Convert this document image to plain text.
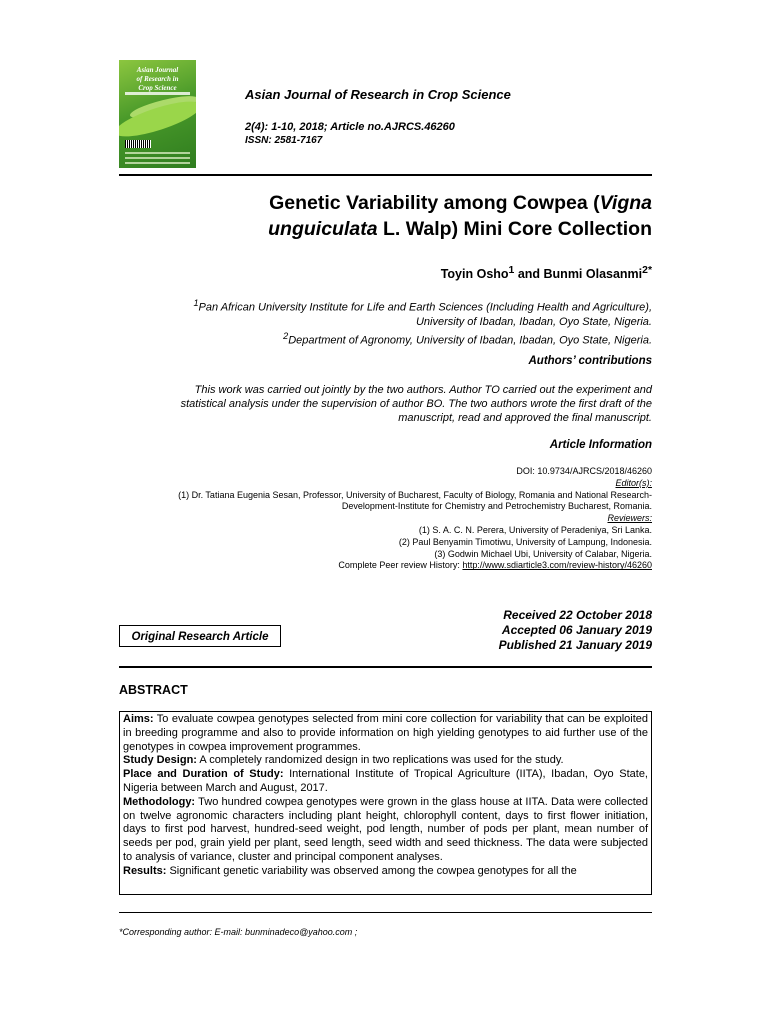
Asian Journal
of Research in
Crop Science	Asian Journal of Research in Crop Science
2(4): 1-10, 2018; Article no.AJRCS.46260
ISSN: 2581-7167
Genetic Variability among Cowpea (Vigna
unguiculata L. Walp) Mini Core Collection
Toyin Osho$^1$ and Bunmi Olasanmi$^{2*}$
$^1$Pan African University Institute for Life and Earth Sciences (Including Health and Agriculture),
University of Ibadan, Ibadan, Oyo State, Nigeria.
$^2$Department of Agronomy, University of Ibadan, Ibadan, Oyo State, Nigeria.
Authors’ contributions
This work was carried out jointly by the two authors. Author TO carried out the experiment and
statistical analysis under the supervision of author BO. The two authors wrote the first draft of the
manuscript, read and approved the final manuscript.
Article Information
DOI: 10.9734/AJRCS/2018/46260
Editor(s):
(1) Dr. Tatiana Eugenia Sesan, Professor, University of Bucharest, Faculty of Biology, Romania and National Research-
Development-Institute for Chemistry and Petrochemistry Bucharest, Romania.
Reviewers:
(1) S. A. C. N. Perera, University of Peradeniya, Sri Lanka.
(2) Paul Benyamin Timotiwu, University of Lampung, Indonesia.
(3) Godwin Michael Ubi, University of Calabar, Nigeria.
Complete Peer review History: http://www.sdiarticle3.com/review-history/46260
Received 22 October 2018
Accepted 06 January 2019
Published 21 January 2019
Original Research Article
ABSTRACT

Aims: To evaluate cowpea genotypes selected from mini core collection for variability that can be exploited in breeding programme and also to provide information on high yielding genotypes to aid further use of the genotypes in cowpea improvement programmes.

Study Design: A completely randomized design in two replications was used for the study.

Place and Duration of Study: International Institute of Tropical Agriculture (IITA), Ibadan, Oyo State, Nigeria between March and August, 2017.

Methodology: Two hundred cowpea genotypes were grown in the glass house at IITA. Data were collected on twelve agronomic characters including plant height, chlorophyll content, days to first flower initiation, days to first pod harvest, hundred-seed weight, pod length, number of pods per plant, mean number of seeds per pod, grain yield per plant, seed length, seed width and seed thickness. The data were subjected to analysis of variance, cluster and principal component analyses.

Results: Significant genetic variability was observed among the cowpea genotypes for all the

*Corresponding author: E-mail: bunminadeco@yahoo.com ;
